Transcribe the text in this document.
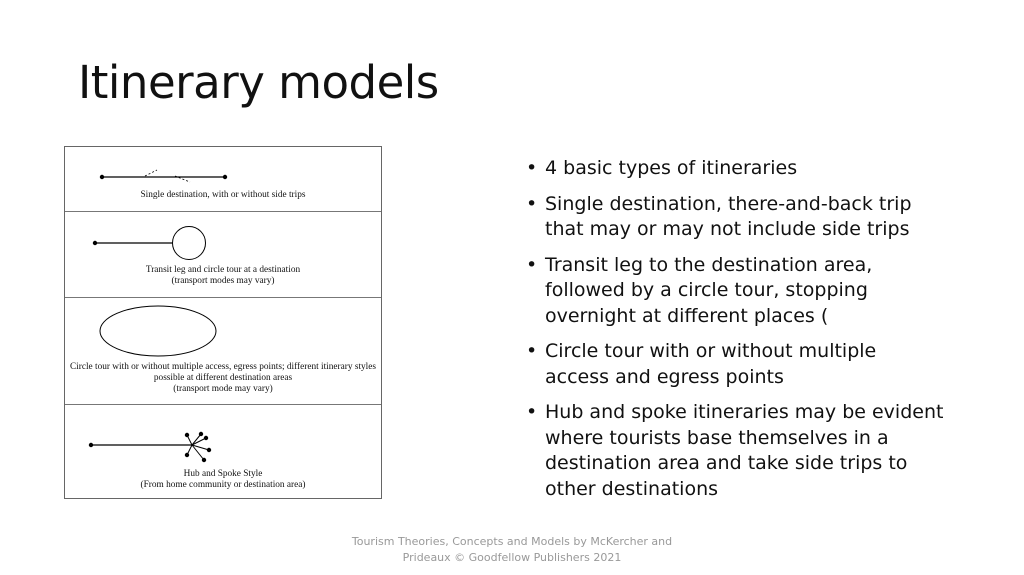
Itinerary models
Single destination, with or without side trips
Transit leg and circle tour at a destination
(transport modes may vary)
Circle tour with or without multiple access, egress points; different itinerary styles
possible at different destination areas
(transport mode may vary)
Hub and Spoke Style
(From home community or destination area)
• 4 basic types of itineraries
• Single destination, there-and-back trip that may or may not include side trips
• Transit leg to the destination area, followed by a circle tour, stopping overnight at different places (
• Circle tour with or without multiple access and egress points
• Hub and spoke itineraries may be evident where tourists base themselves in a destination area and take side trips to other destinations
Tourism Theories, Concepts and Models by McKercher and
Prideaux © Goodfellow Publishers 2021
